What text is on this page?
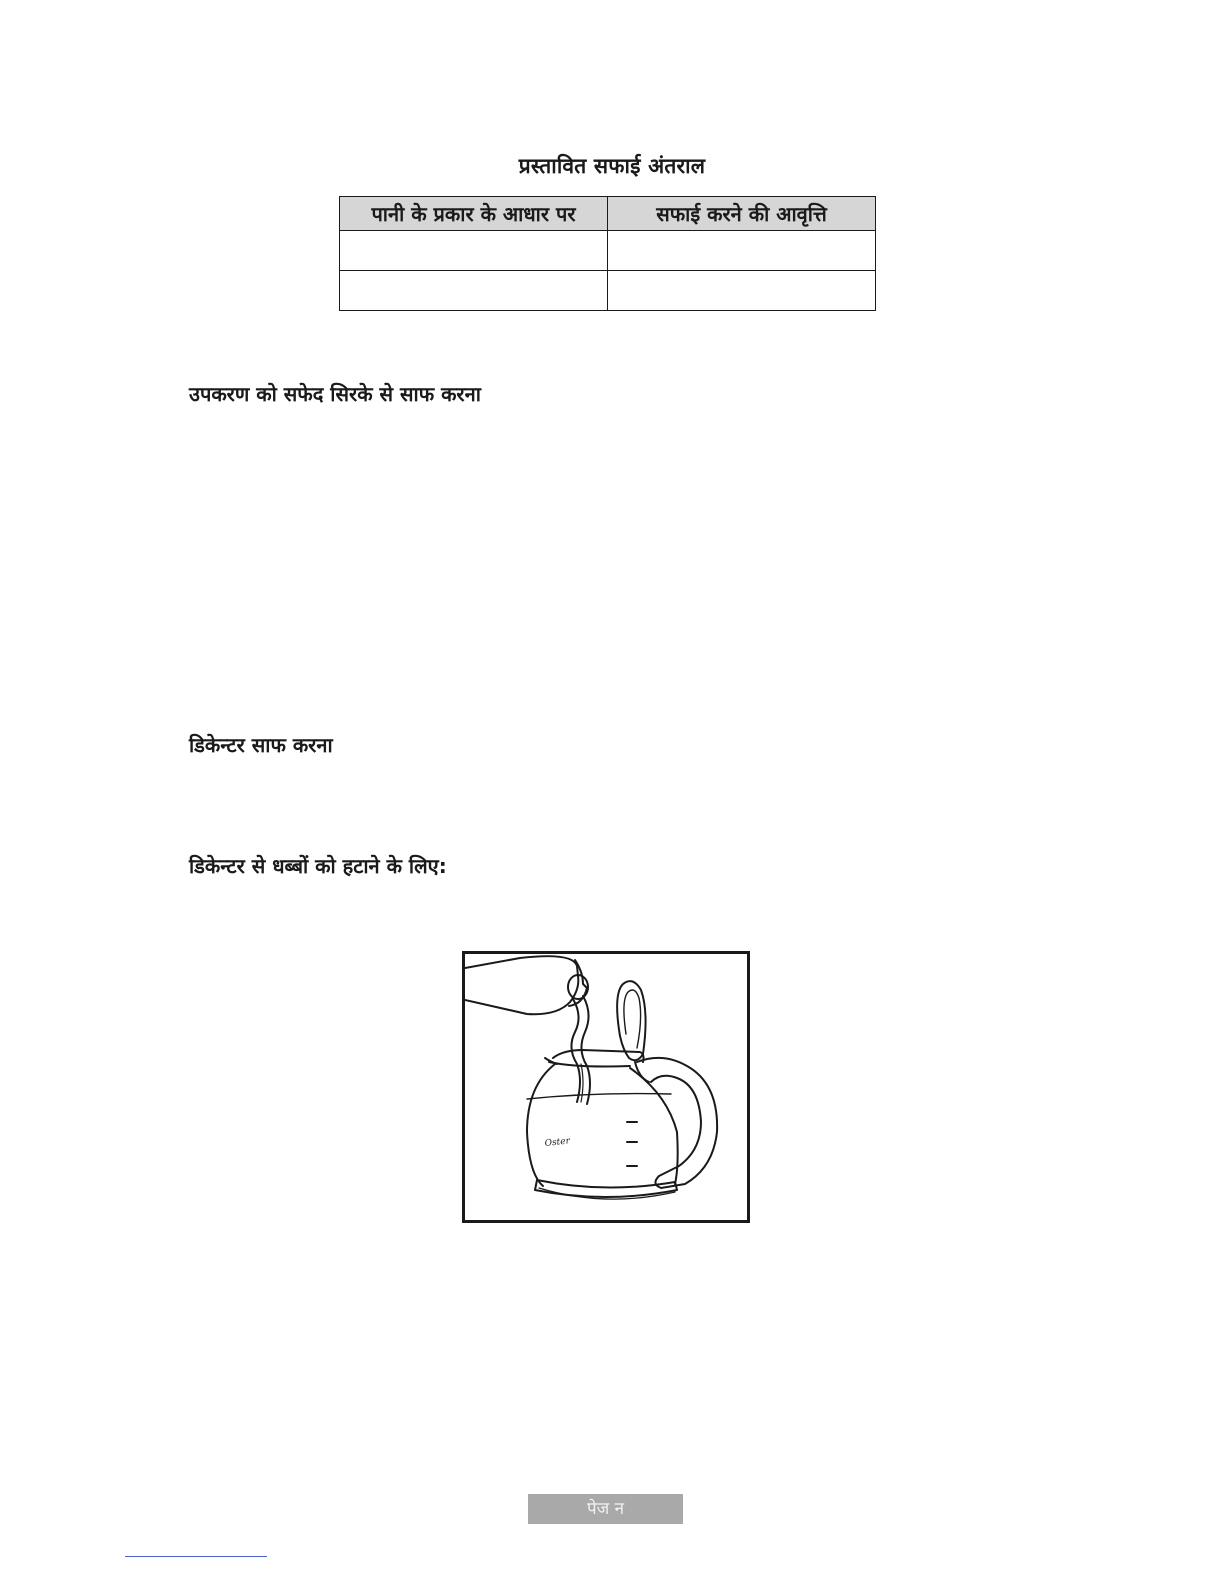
प्रस्तावित सफाई अंतराल
पानी के प्रकार के आधार पर	सफाई करने की आवृत्ति

उपकरण को सफेद सिरके से साफ करना
डिकेन्टर साफ करना
डिकेन्टर से धब्बों को हटाने के लिए:
Oster
पेज न
